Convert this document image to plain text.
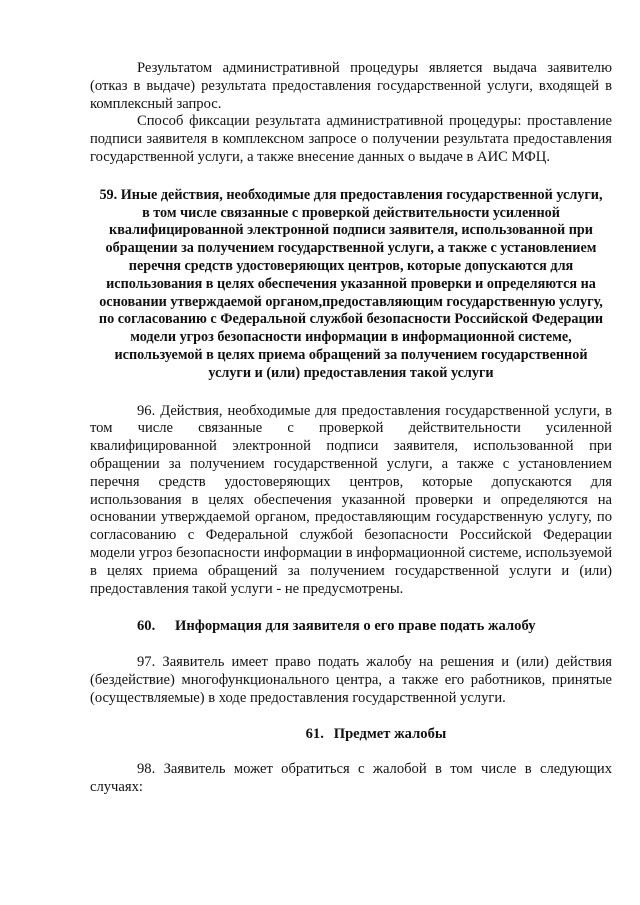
Результатом административной процедуры является выдача заявителю (отказ в выдаче) результата предоставления государственной услуги, входящей в комплексный запрос.

Способ фиксации результата административной процедуры: проставление подписи заявителя в комплексном запросе о получении результата предоставления государственной услуги, а также внесение данных о выдаче в АИС МФЦ.

59. Иные действия, необходимые для предоставления государственной услуги, в том числе связанные с проверкой действительности усиленной квалифицированной электронной подписи заявителя, использованной при обращении за получением государственной услуги, а также с установлением перечня средств удостоверяющих центров, которые допускаются для использования в целях обеспечения указанной проверки и определяются на основании утверждаемой органом,предоставляющим государственную услугу, по согласованию с Федеральной службой безопасности Российской Федерации модели угроз безопасности информации в информационной системе, используемой в целях приема обращений за получением государственной услуги и (или) предоставления такой услуги

96. Действия, необходимые для предоставления государственной услуги, в том числе связанные с проверкой действительности усиленной квалифицированной электронной подписи заявителя, использованной при обращении за получением государственной услуги, а также с установлением перечня средств удостоверяющих центров, которые допускаются для использования в целях обеспечения указанной проверки и определяются на основании утверждаемой органом, предоставляющим государственную услугу, по согласованию с Федеральной службой безопасности Российской Федерации модели угроз безопасности информации в информационной системе, используемой в целях приема обращений за получением государственной услуги и (или) предоставления такой услуги - не предусмотрены.

60. Информация для заявителя о его праве подать жалобу

97. Заявитель имеет право подать жалобу на решения и (или) действия (бездействие) многофункционального центра, а также его работников, принятые (осуществляемые) в ходе предоставления государственной услуги.

61. Предмет жалобы

98. Заявитель может обратиться с жалобой в том числе в следующих случаях:
